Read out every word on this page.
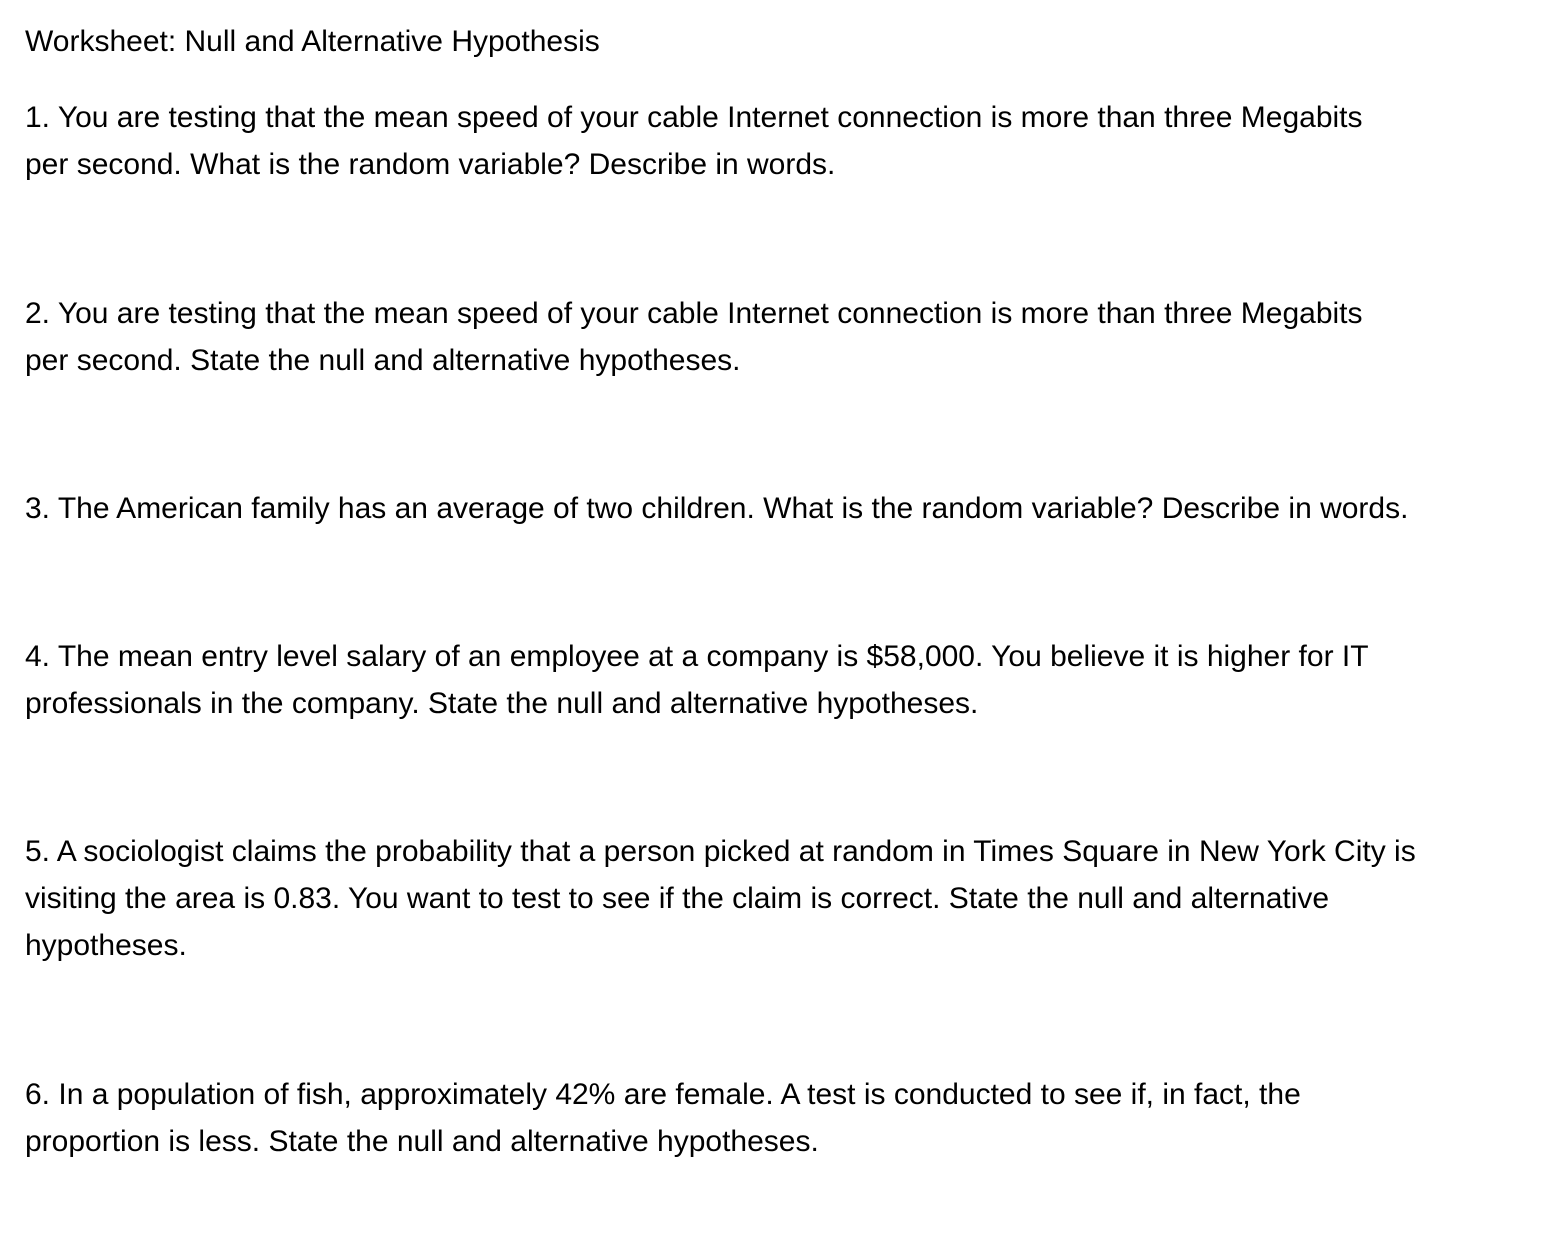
Worksheet: Null and Alternative Hypothesis
1. You are testing that the mean speed of your cable Internet connection is more than three Megabits
per second. What is the random variable? Describe in words.
2. You are testing that the mean speed of your cable Internet connection is more than three Megabits
per second. State the null and alternative hypotheses.
3. The American family has an average of two children. What is the random variable? Describe in words.
4. The mean entry level salary of an employee at a company is $58,000. You believe it is higher for IT
professionals in the company. State the null and alternative hypotheses.
5. A sociologist claims the probability that a person picked at random in Times Square in New York City is
visiting the area is 0.83. You want to test to see if the claim is correct. State the null and alternative
hypotheses.
6. In a population of fish, approximately 42% are female. A test is conducted to see if, in fact, the
proportion is less. State the null and alternative hypotheses.
